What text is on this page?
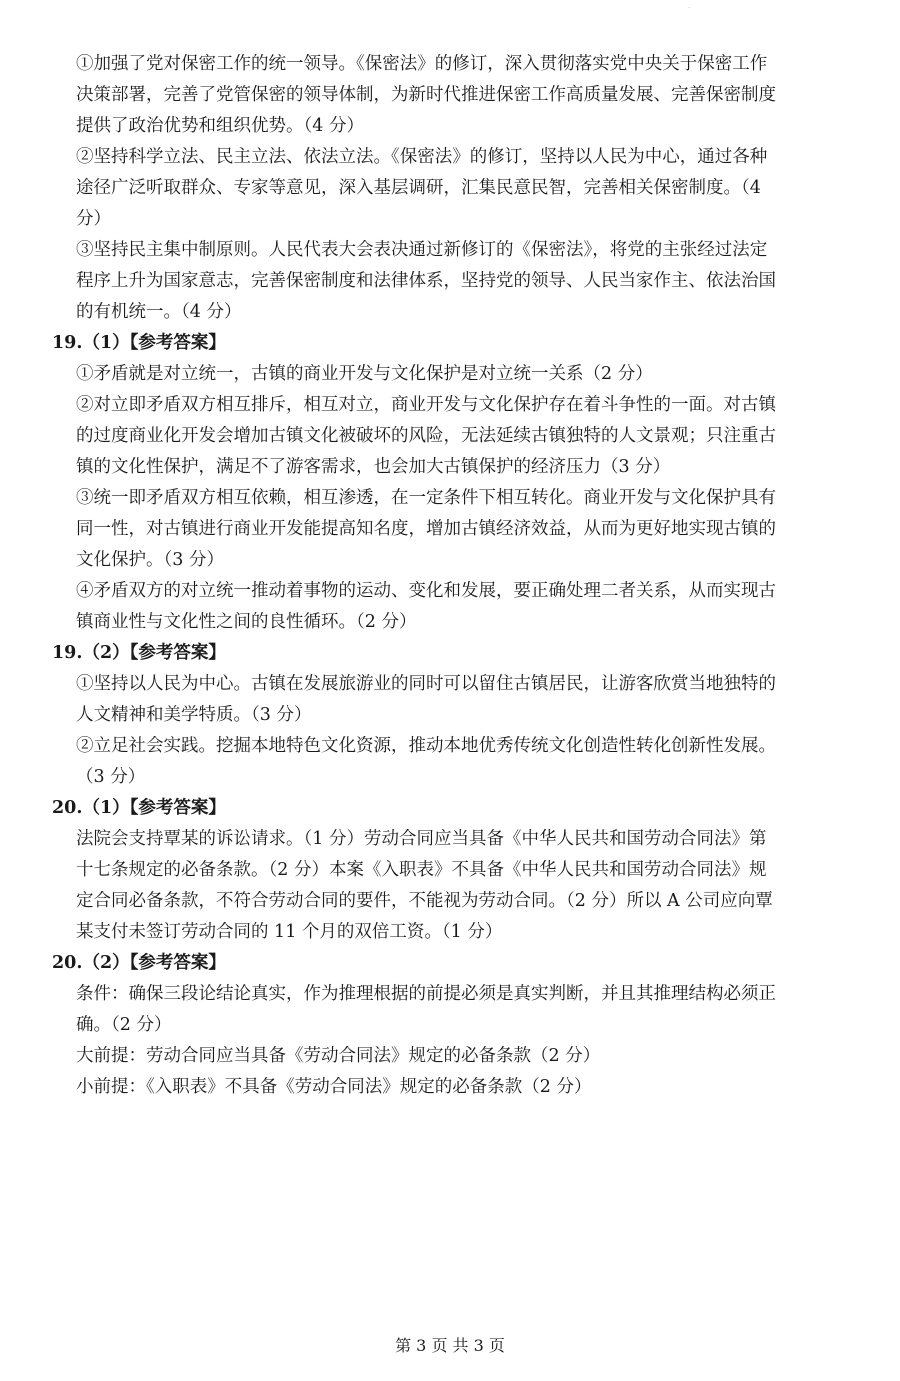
·

①加强了党对保密工作的统一领导。《保密法》的修订，深入贯彻落实党中央关于保密工作

决策部署，完善了党管保密的领导体制，为新时代推进保密工作高质量发展、完善保密制度

提供了政治优势和组织优势。（4 分）

②坚持科学立法、民主立法、依法立法。《保密法》的修订，坚持以人民为中心，通过各种

途径广泛听取群众、专家等意见，深入基层调研，汇集民意民智，完善相关保密制度。（4

分）

③坚持民主集中制原则。人民代表大会表决通过新修订的《保密法》，将党的主张经过法定

程序上升为国家意志，完善保密制度和法律体系，坚持党的领导、人民当家作主、依法治国

的有机统一。（4 分）

19.（1）【参考答案】

①矛盾就是对立统一，古镇的商业开发与文化保护是对立统一关系（2 分）

②对立即矛盾双方相互排斥，相互对立，商业开发与文化保护存在着斗争性的一面。对古镇

的过度商业化开发会增加古镇文化被破坏的风险，无法延续古镇独特的人文景观；只注重古

镇的文化性保护，满足不了游客需求，也会加大古镇保护的经济压力（3 分）

③统一即矛盾双方相互依赖，相互渗透，在一定条件下相互转化。商业开发与文化保护具有

同一性，对古镇进行商业开发能提高知名度，增加古镇经济效益，从而为更好地实现古镇的

文化保护。（3 分）

④矛盾双方的对立统一推动着事物的运动、变化和发展，要正确处理二者关系，从而实现古

镇商业性与文化性之间的良性循环。（2 分）

19.（2）【参考答案】

①坚持以人民为中心。古镇在发展旅游业的同时可以留住古镇居民，让游客欣赏当地独特的

人文精神和美学特质。（3 分）

②立足社会实践。挖掘本地特色文化资源，推动本地优秀传统文化创造性转化创新性发展。

（3 分）

20.（1）【参考答案】

法院会支持覃某的诉讼请求。（1 分）劳动合同应当具备《中华人民共和国劳动合同法》第

十七条规定的必备条款。（2 分）本案《入职表》不具备《中华人民共和国劳动合同法》规

定合同必备条款，不符合劳动合同的要件，不能视为劳动合同。（2 分）所以 A 公司应向覃

某支付未签订劳动合同的 11 个月的双倍工资。（1 分）

20.（2）【参考答案】

条件：确保三段论结论真实，作为推理根据的前提必须是真实判断，并且其推理结构必须正

确。（2 分）

大前提：劳动合同应当具备《劳动合同法》规定的必备条款（2 分）

小前提：《入职表》不具备《劳动合同法》规定的必备条款（2 分）

第 3 页 共 3 页
